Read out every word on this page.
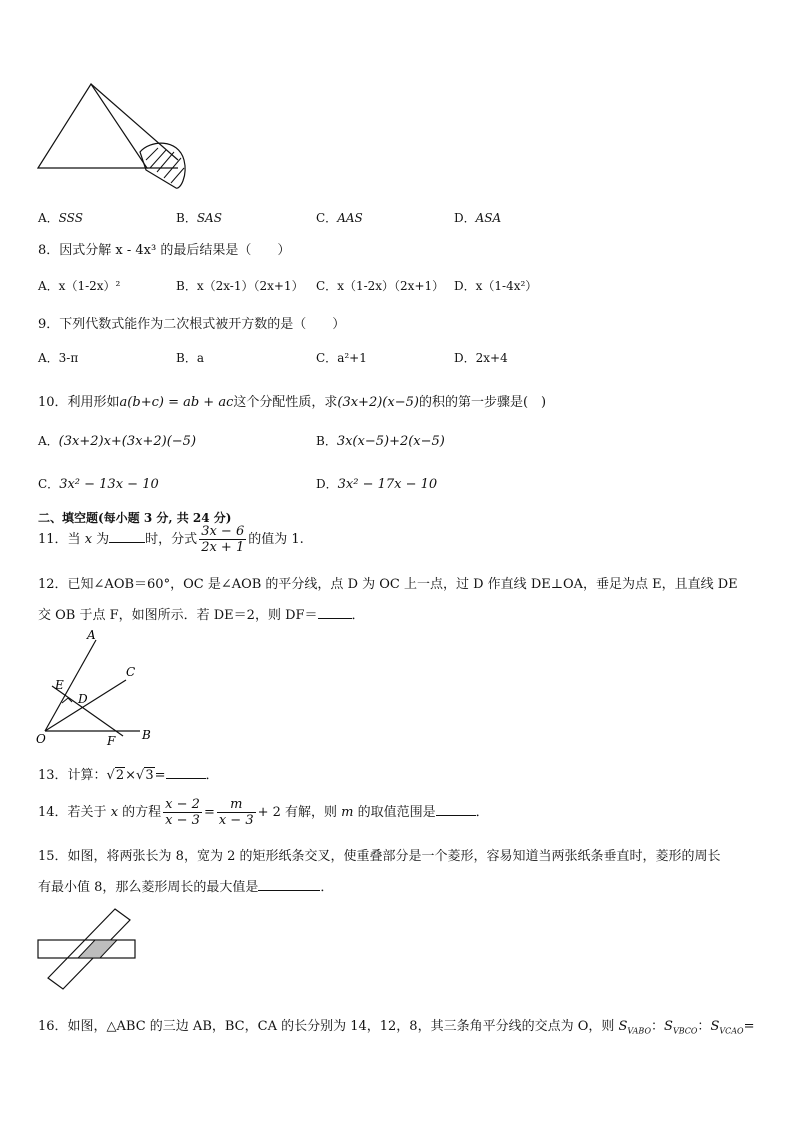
A．SSS	B．SAS	C．AAS	D．ASA
8．因式分解 x - 4x³ 的最后结果是（　　）
A．x（1-2x）²	B．x（2x-1）（2x+1） C．x（1-2x）（2x+1） D．x（1-4x²）
9．下列代数式能作为二次根式被开方数的是（　　）
A．3-π	B．a	C．a²+1	D．2x+4
10．利用形如a(b+c) = ab + ac这个分配性质，求(3x+2)(x−5)的积的第一步骤是(　)
A．(3x+2)x+(3x+2)(−5)	B．3x(x−5)+2(x−5)
C．3x² − 13x − 10	D．3x² − 17x − 10
二、填空题(每小题 3 分, 共 24 分)
11．当 x 为	时，分式 $\frac{3x - 6}{2x + 1}$ 的值为 1.
12．已知∠AOB＝60°，OC 是∠AOB 的平分线，点 D 为 OC 上一点，过 D 作直线 DE⊥OA，垂足为点 E，且直线 DE
交 OB 于点 F，如图所示．若 DE＝2，则 DF＝	．
A
C
E
D
O	F B
13．计算：√2×√3=	．
14．若关于 x 的方程 $\frac{x - 2}{x - 3} = \frac{m}{x - 3} + 2$ 有解，则 m 的取值范围是	．
15．如图，将两张长为 8，宽为 2 的矩形纸条交叉，使重叠部分是一个菱形，容易知道当两张纸条垂直时，菱形的周长
有最小值 8，那么菱形周长的最大值是	．
16．如图，△ABC 的三边 AB，BC，CA 的长分别为 14，12，8，其三条角平分线的交点为 O，则 $S_{VABO}$：$S_{VBCO}$：$S_{VCAO}=$
